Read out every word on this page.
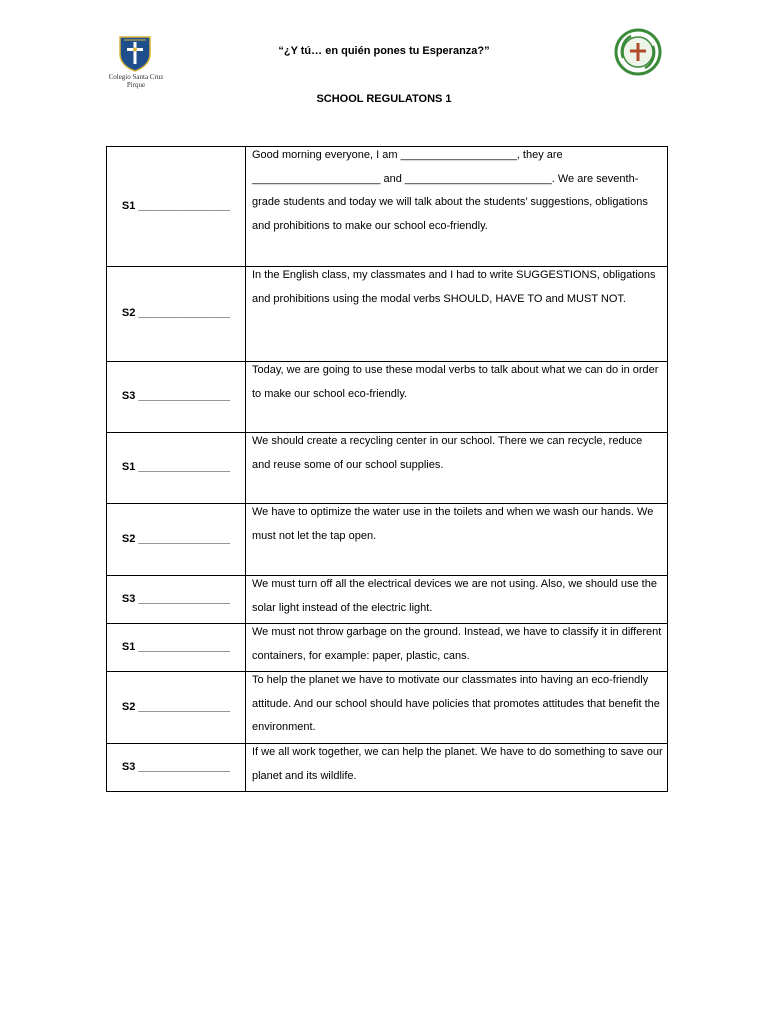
Colegio Santa Cruz
Pirque
“¿Y tú… en quién pones tu Esperanza?”
SCHOOL REGULATONS 1
S1 _______________	Good morning everyone, I am ___________________, they are _____________________ and ________________________. We are seventh-grade students and today we will talk about the students’ suggestions, obligations and prohibitions to make our school eco-friendly.

S2 _______________	In the English class, my classmates and I had to write SUGGESTIONS, obligations and prohibitions using the modal verbs SHOULD, HAVE TO and MUST NOT.

S3 _______________	Today, we are going to use these modal verbs to talk about what we can do in order to make our school eco-friendly.

S1 _______________	We should create a recycling center in our school. There we can recycle, reduce and reuse some of our school supplies.

S2 _______________	We have to optimize the water use in the toilets and when we wash our hands. We must not let the tap open.

S3 _______________	We must turn off all the electrical devices we are not using. Also, we should use the solar light instead of the electric light.

S1 _______________	We must not throw garbage on the ground. Instead, we have to classify it in different containers, for example: paper, plastic, cans.

S2 _______________	To help the planet we have to motivate our classmates into having an eco-friendly attitude. And our school should have policies that promotes attitudes that benefit the environment.

S3 _______________	If we all work together, we can help the planet. We have to do something to save our planet and its wildlife.
